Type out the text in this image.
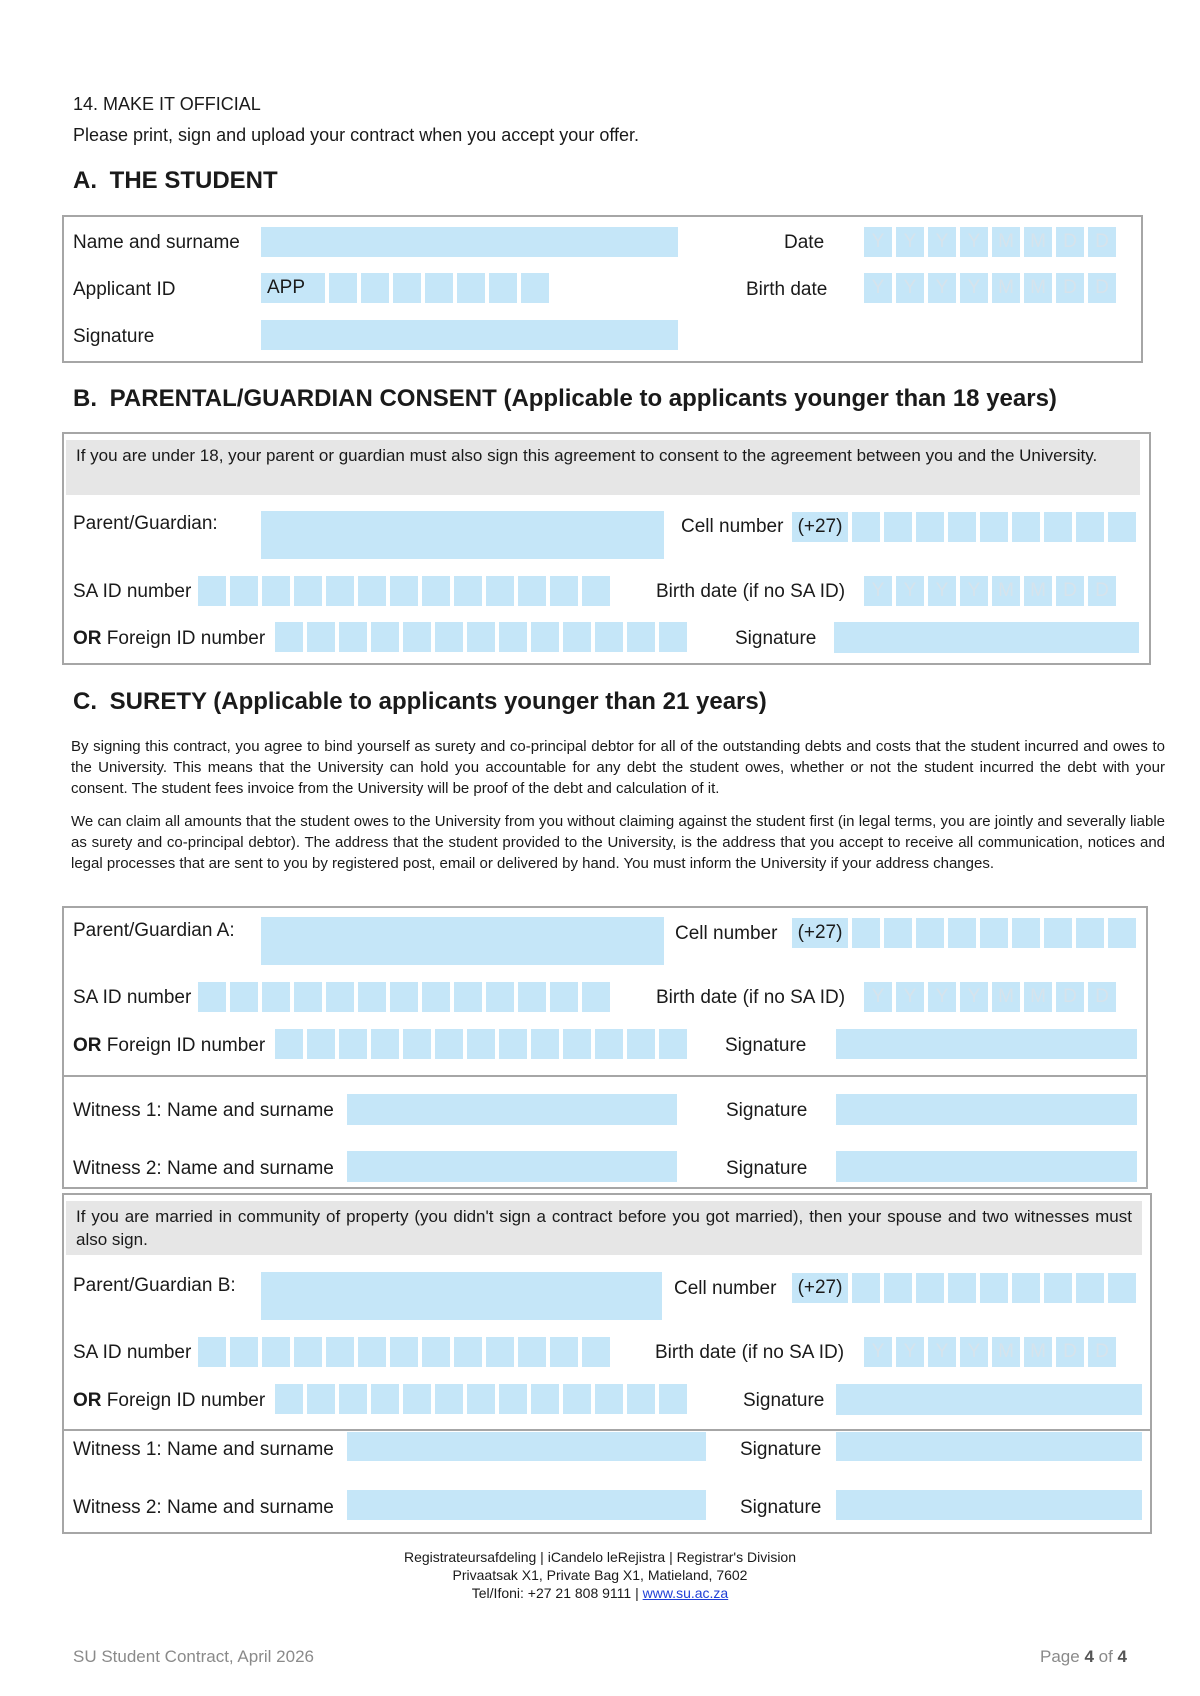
14. MAKE IT OFFICIAL
Please print, sign and upload your contract when you accept your offer.
A. THE STUDENT
Name and surname	Date	Y	Y	Y	Y M M D D
Applicant ID	APP	Birth date	Y	Y	Y	Y M M D D
Signature
B. PARENTAL/GUARDIAN CONSENT (Applicable to applicants younger than 18 years)
If you are under 18, your parent or guardian must also sign this agreement to consent to the agreement between you and the University.
Parent/Guardian:	Cell number (+27)
SA ID number	Birth date (if no SA ID)	Y	Y	Y	Y M M D D
OR Foreign ID number	Signature
C. SURETY (Applicable to applicants younger than 21 years)
By signing this contract, you agree to bind yourself as surety and co-principal debtor for all of the outstanding debts and costs that the student incurred and owes to the University. This means that the University can hold you accountable for any debt the student owes, whether or not the student incurred the debt with your consent. The student fees invoice from the University will be proof of the debt and calculation of it.
We can claim all amounts that the student owes to the University from you without claiming against the student first (in legal terms, you are jointly and severally liable as surety and co-principal debtor). The address that the student provided to the University, is the address that you accept to receive all communication, notices and legal processes that are sent to you by registered post, email or delivered by hand. You must inform the University if your address changes.
Parent/Guardian A:	Cell number (+27)
SA ID number	Birth date (if no SA ID)	Y	Y	Y	Y M M D D
OR Foreign ID number	Signature
Witness 1: Name and surname	Signature
Witness 2: Name and surname	Signature
If you are married in community of property (you didn't sign a contract before you got married), then your spouse and two witnesses must also sign.
Parent/Guardian B:	Cell number (+27)
SA ID number	Birth date (if no SA ID)	Y	Y	Y	Y M M D D
OR Foreign ID number	Signature
Witness 1: Name and surname	Signature
Witness 2: Name and surname	Signature
Registrateursafdeling | iCandelo leRejistra | Registrar's Division
Privaatsak X1, Private Bag X1, Matieland, 7602
Tel/Ifoni: +27 21 808 9111 | www.su.ac.za
SU Student Contract, April 2026	Page 4 of 4
